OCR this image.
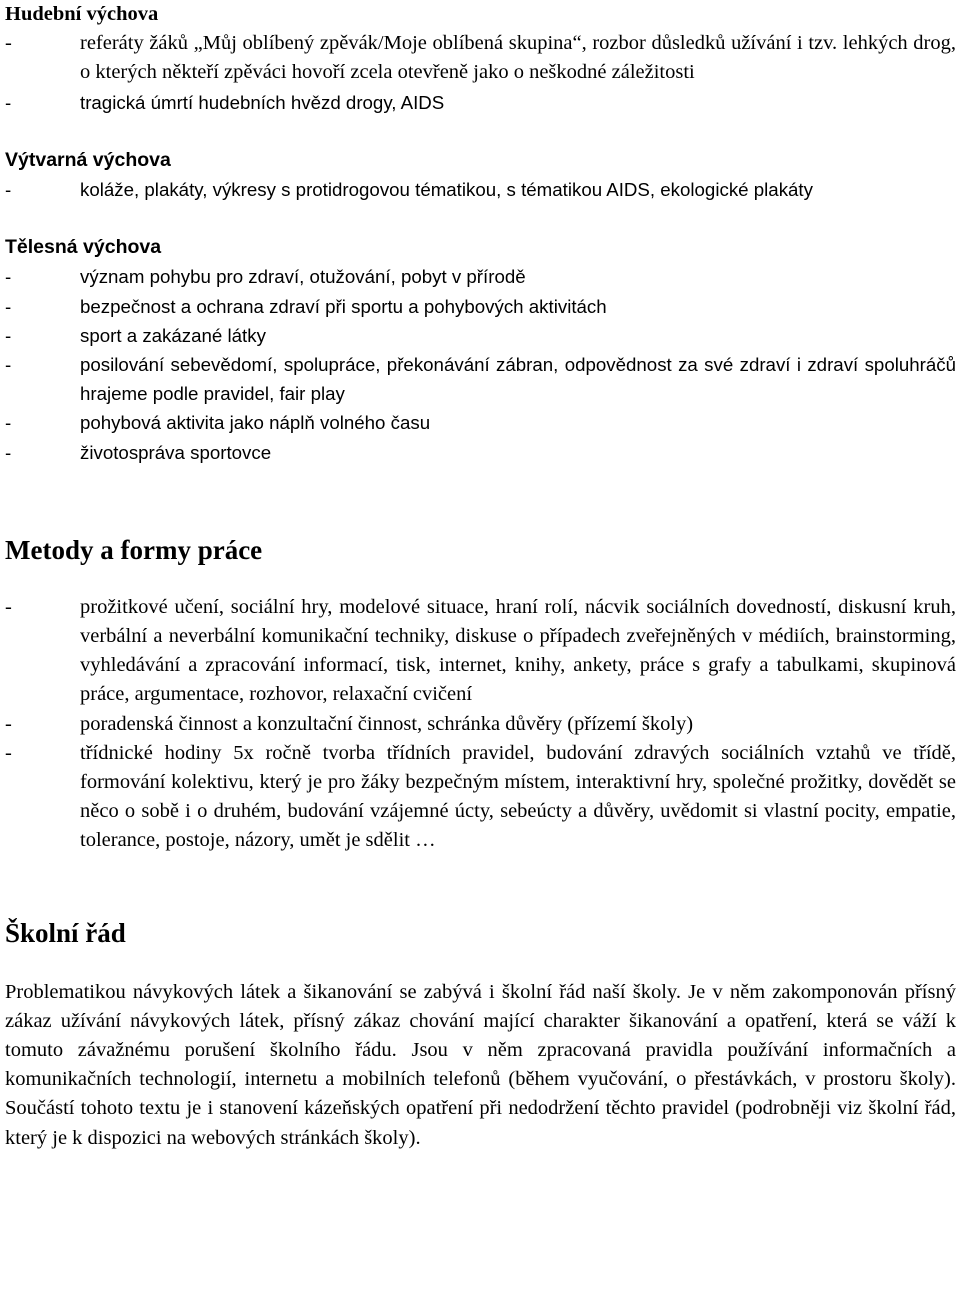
Hudební výchova
- referáty žáků „Můj oblíbený zpěvák/Moje oblíbená skupina“, rozbor důsledků užívání i tzv. lehkých drog, o kterých někteří zpěváci hovoří zcela otevřeně jako o neškodné záležitosti
- tragická úmrtí hudebních hvězd drogy, AIDS
Výtvarná výchova
- koláže, plakáty, výkresy s protidrogovou tématikou, s tématikou AIDS, ekologické plakáty
Tělesná výchova
- význam pohybu pro zdraví, otužování, pobyt v přírodě
- bezpečnost a ochrana zdraví při sportu a pohybových aktivitách
- sport a zakázané látky
- posilování sebevědomí, spolupráce, překonávání zábran, odpovědnost za své zdraví i zdraví spoluhráčů hrajeme podle pravidel, fair play
- pohybová aktivita jako náplň volného času
- životospráva sportovce
Metody a formy práce
- prožitkové učení, sociální hry, modelové situace, hraní rolí, nácvik sociálních dovedností, diskusní kruh, verbální a neverbální komunikační techniky, diskuse o případech zveřejněných v médiích, brainstorming, vyhledávání a zpracování informací, tisk, internet, knihy, ankety, práce s grafy a tabulkami, skupinová práce, argumentace, rozhovor, relaxační cvičení
- poradenská činnost a konzultační činnost, schránka důvěry (přízemí školy)
- třídnické hodiny 5x ročně tvorba třídních pravidel, budování zdravých sociálních vztahů ve třídě, formování kolektivu, který je pro žáky bezpečným místem, interaktivní hry, společné prožitky, dovědět se něco o sobě i o druhém, budování vzájemné úcty, sebeúcty a důvěry, uvědomit si vlastní pocity, empatie, tolerance, postoje, názory, umět je sdělit …
Školní řád

Problematikou návykových látek a šikanování se zabývá i školní řád naší školy. Je v něm zakomponován přísný zákaz užívání návykových látek, přísný zákaz chování mající charakter šikanování a opatření, která se váží k tomuto závažnému porušení školního řádu. Jsou v něm zpracovaná pravidla používání informačních a komunikačních technologií, internetu a mobilních telefonů (během vyučování, o přestávkách, v prostoru školy). Součástí tohoto textu je i stanovení kázeňských opatření při nedodržení těchto pravidel (podrobněji viz školní řád, který je k dispozici na webových stránkách školy).
